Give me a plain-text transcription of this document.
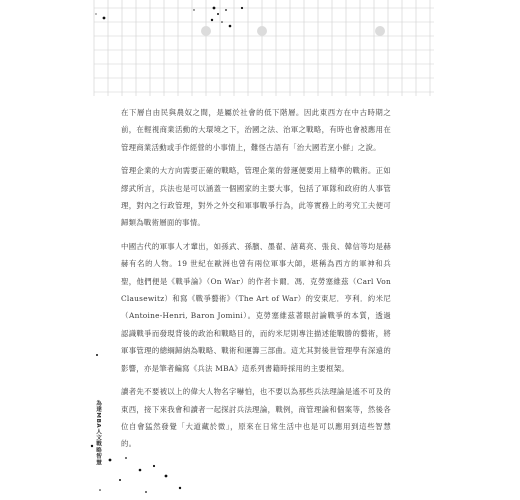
在下層自由民與農奴之間，是屬於社會的低下階層。因此東西方在中古時期之前，在輕視商業活動的大環境之下，治國之法、治軍之戰略，有時也會被應用在管理商業活動或手作經營的小事情上，難怪古語有「治大國若烹小鮮」之說。

管理企業的大方向需要正確的戰略，管理企業的營運便要用上精準的戰術。正如繆武所言，兵法也是可以涵蓋一個國家的主要大事，包括了軍隊和政府的人事管理，對內之行政管理，對外之外交和軍事戰爭行為，此等實務上的考究工夫便可歸類為戰術層面的事情。

中國古代的軍事人才輩出，如孫武、孫臏、墨翟、諸葛亮、張良、韓信等均是赫赫有名的人物。19 世紀在歐洲也曾有兩位軍事大師，堪稱為西方的軍神和兵聖，他們便是《戰爭論》（On War）的作者卡爾．馮．克勞塞維茲（Carl Von Clausewitz）和寫《戰爭藝術》（The Art of War）的安東尼．亨利．約米尼（Antoine-Henri, Baron Jomini）。克勞塞維茲著眼討論戰爭的本質，透過認識戰爭而發現背後的政治和戰略目的，而約米尼則專注描述能戰勝的藝術，將軍事管理的總綱歸納為戰略、戰術和運籌三部曲。這尤其對後世管理學有深遠的影響，亦是筆者編寫《兵法 MBA》這系列書籍時採用的主要框架。

讀者先不要被以上的偉大人物名字嚇怕，也不要以為那些兵法理論是遙不可及的東西，接下來我會和讀者一起探討兵法理論，戰例，商管理論和個案等，然後各位自會猛然發覺「大道藏於微」，原來在日常生活中也是可以應用到這些智慧的。

為達MBA人文戰略智慧
